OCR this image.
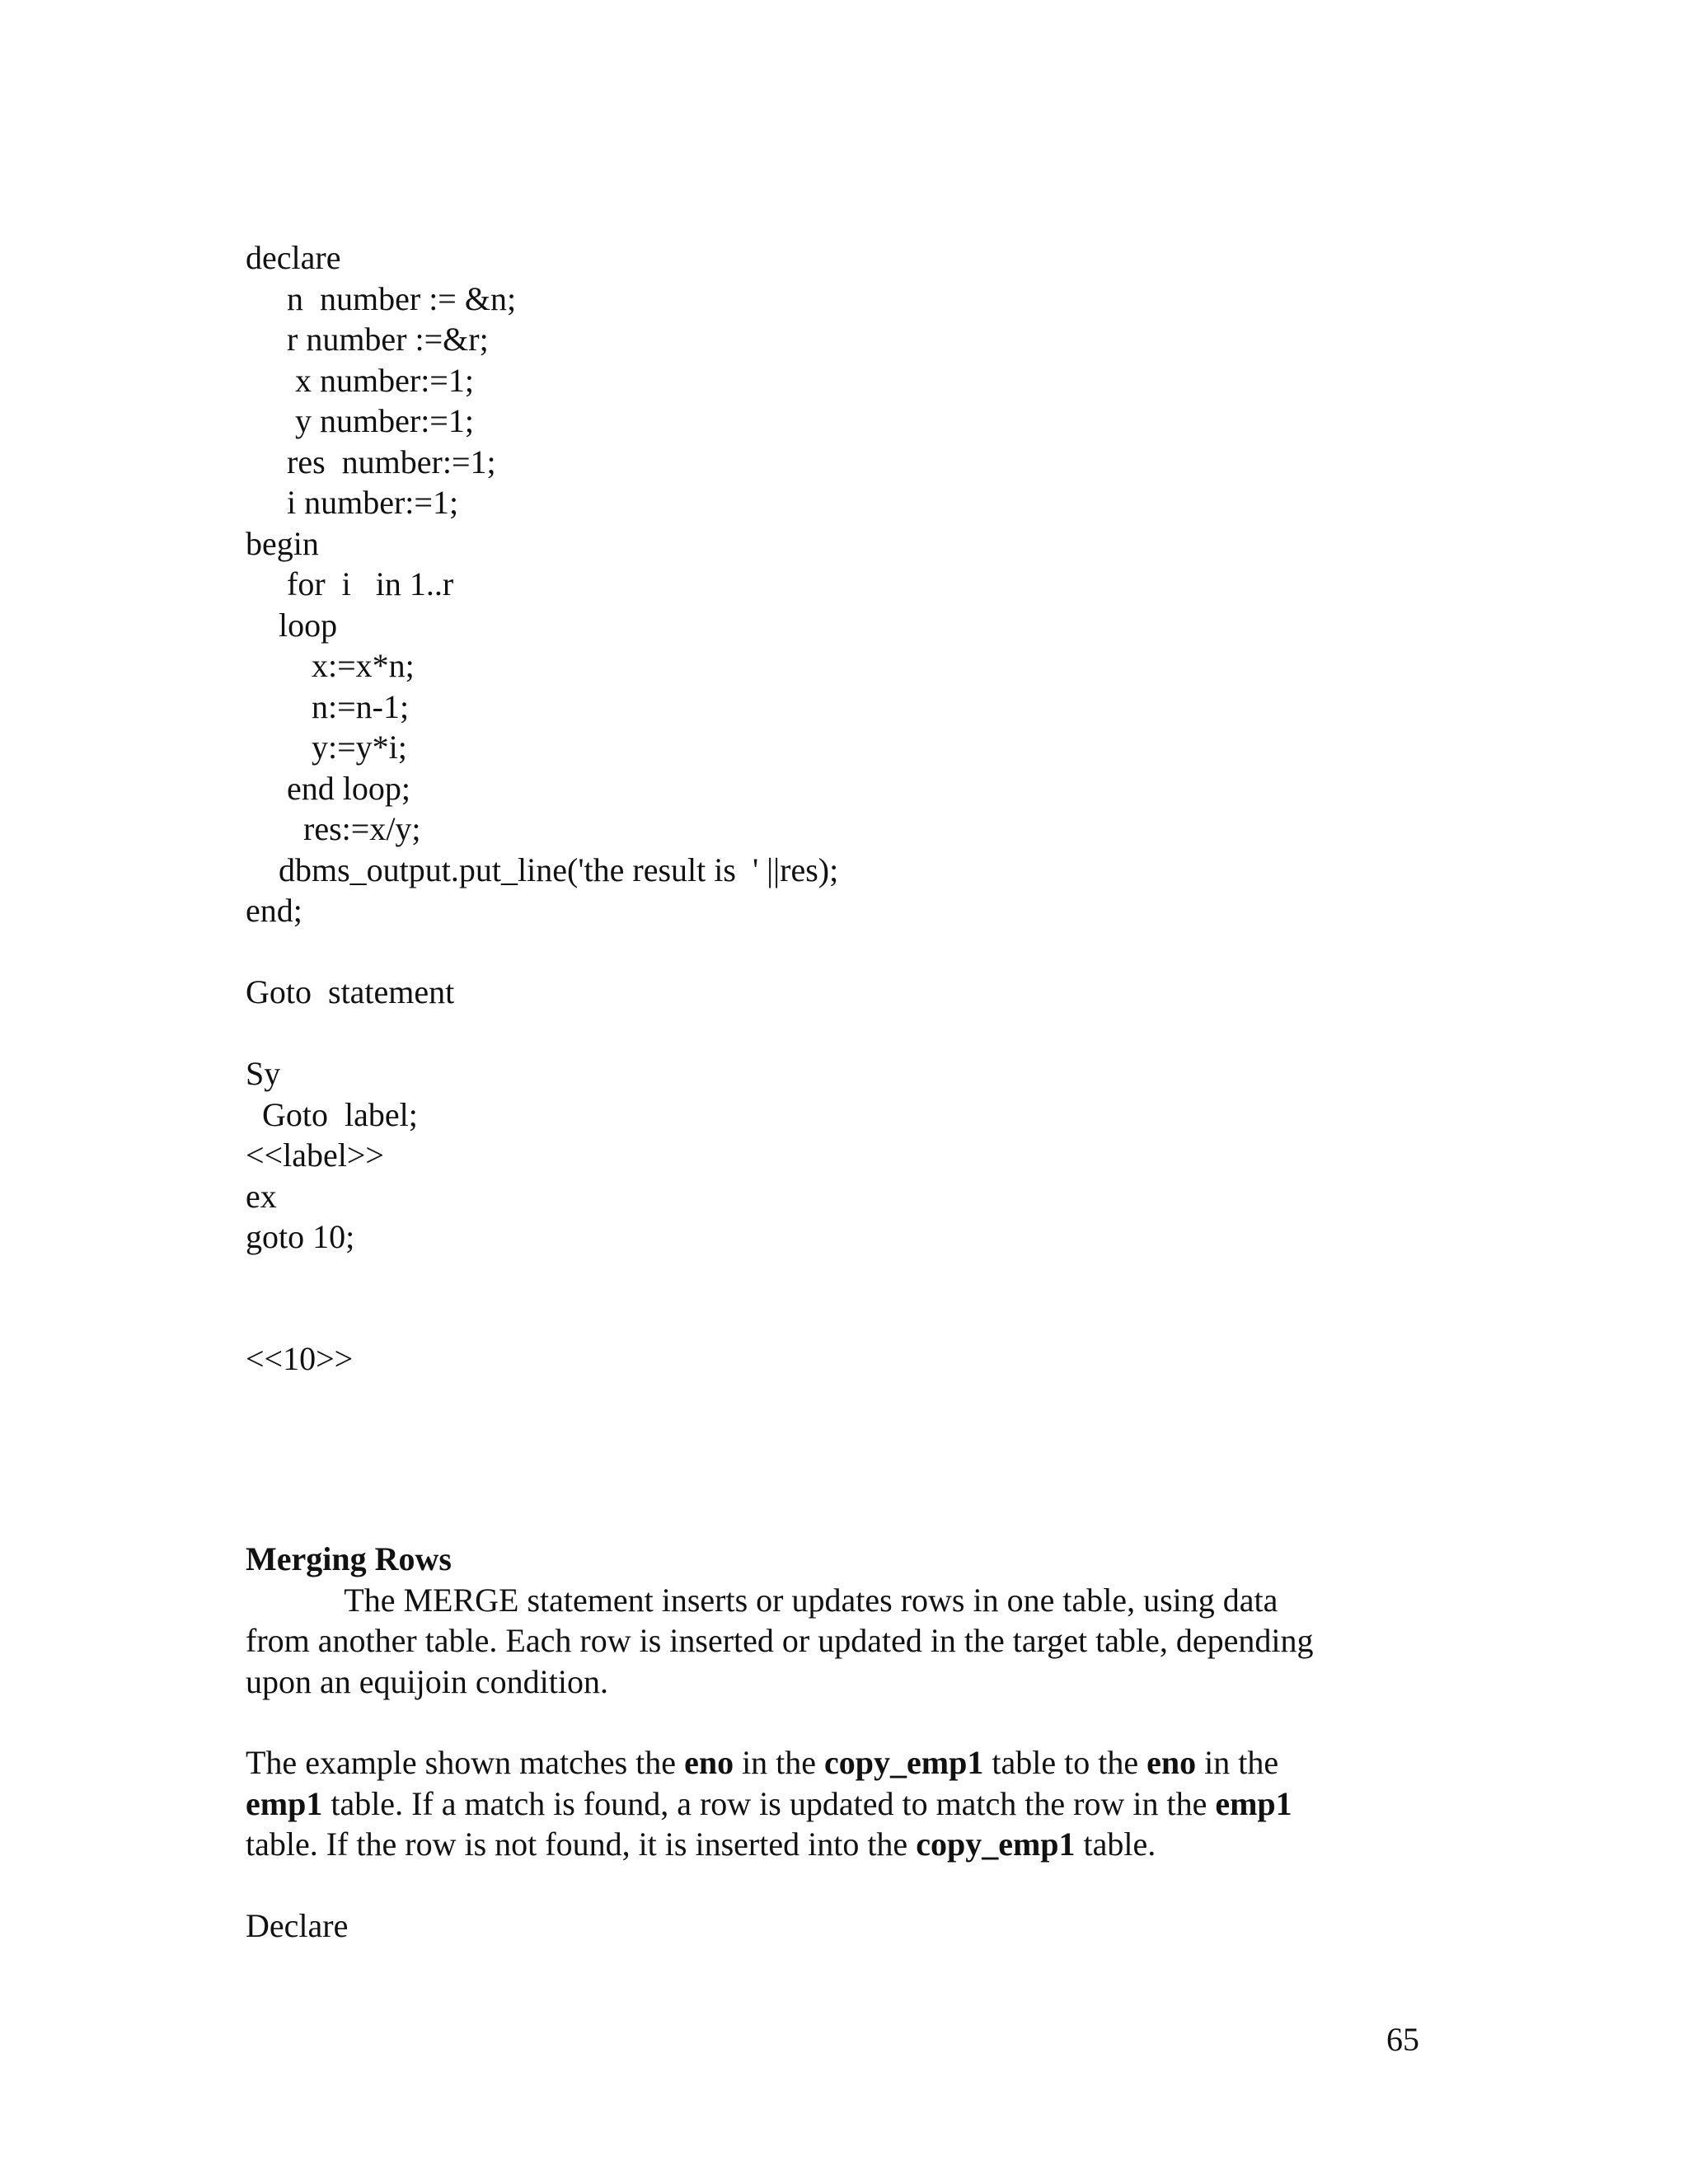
declare
n  number := &n;
r number :=&r;
x number:=1;
y number:=1;
res  number:=1;
i number:=1;
begin
for  i   in 1..r
loop
x:=x*n;
n:=n-1;
y:=y*i;
end loop;
res:=x/y;
dbms_output.put_line('the result is  ' ||res);
end;
Goto  statement
Sy
Goto  label;
<<label>>
ex
goto 10;
<<10>>
Merging Rows
The MERGE statement inserts or updates rows in one table, using data
from another table. Each row is inserted or updated in the target table, depending
upon an equijoin condition.
The example shown matches the eno in the copy_emp1 table to the eno in the
emp1 table. If a match is found, a row is updated to match the row in the emp1
table. If the row is not found, it is inserted into the copy_emp1 table.
Declare
65
